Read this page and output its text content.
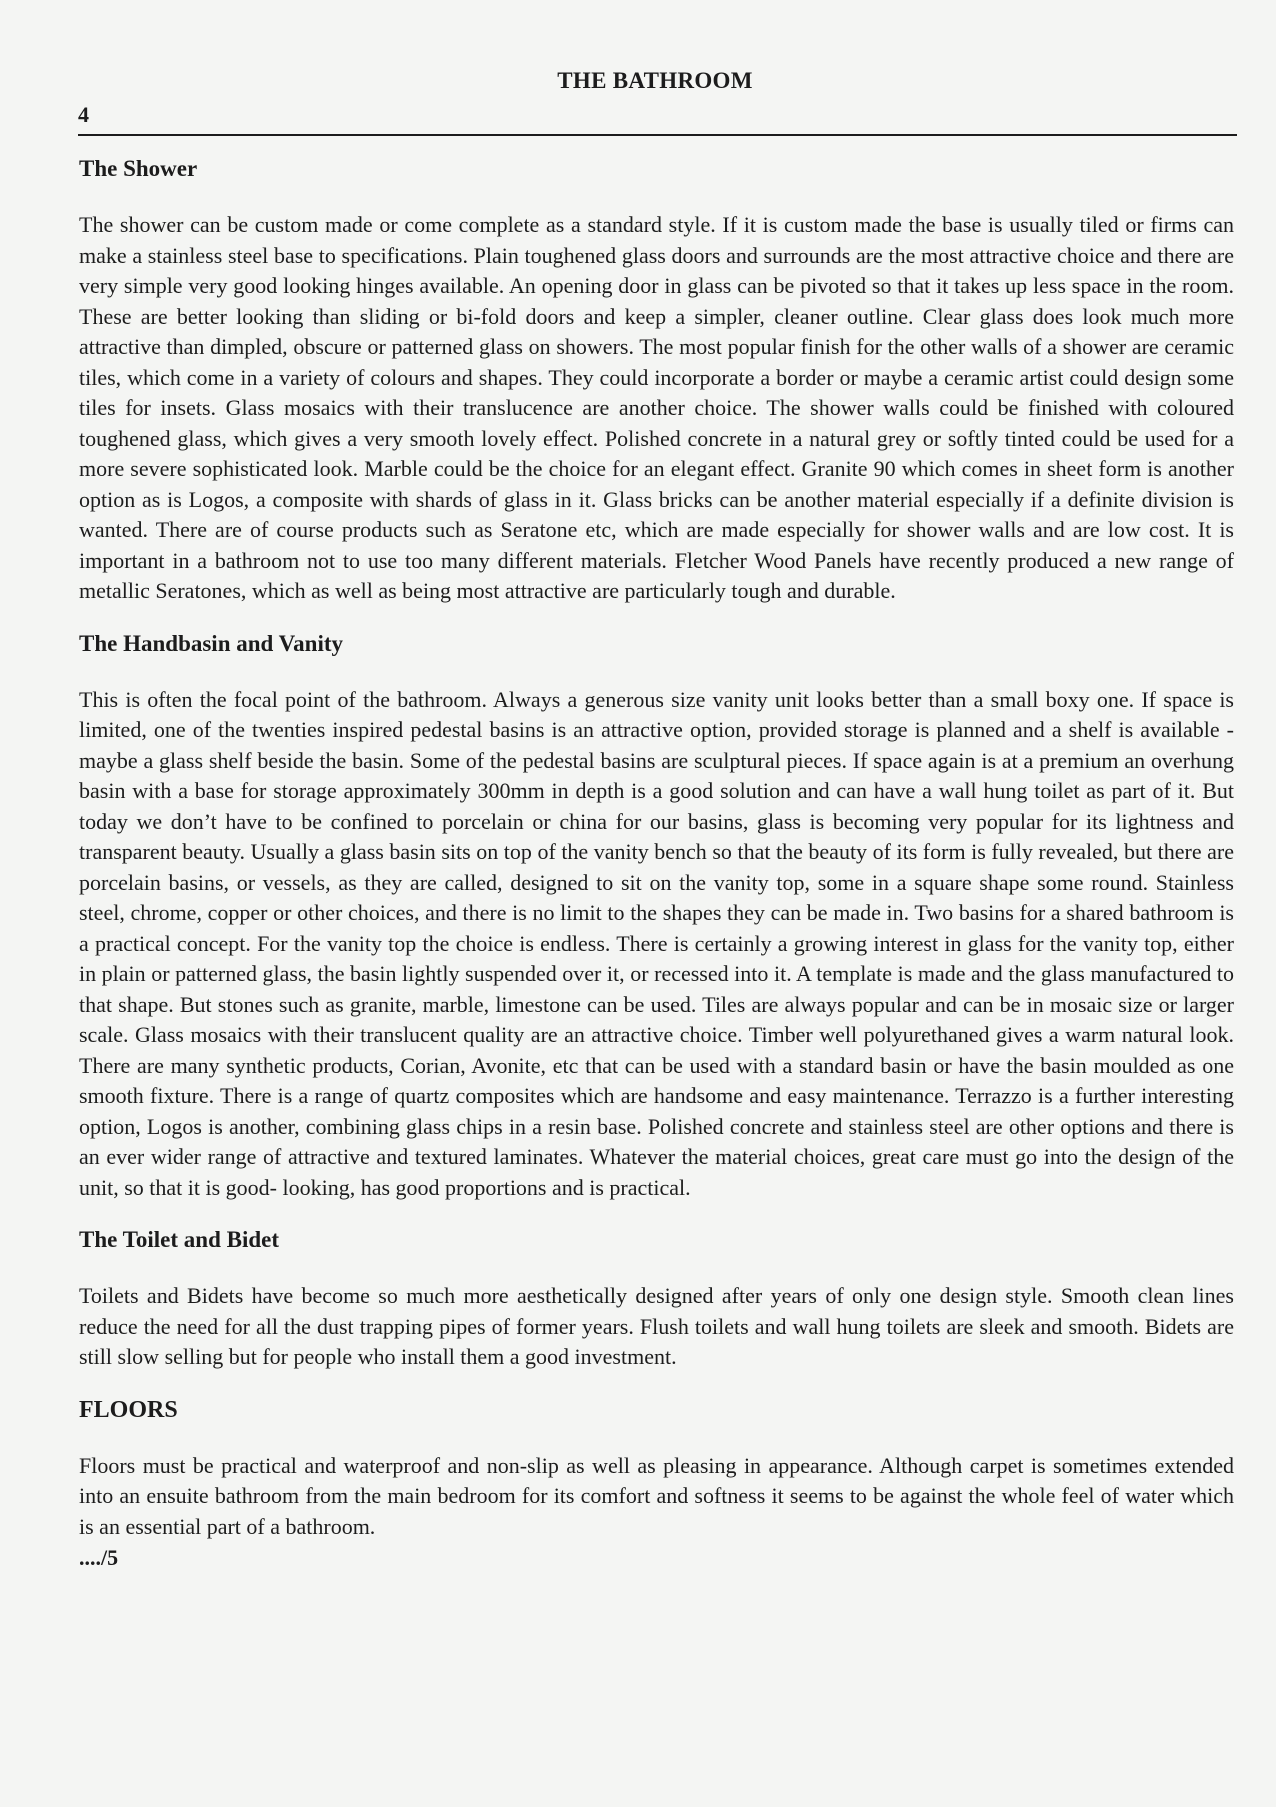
THE BATHROOM
4
The Shower

The shower can be custom made or come complete as a standard style. If it is custom made the base is usually tiled or firms can make a stainless steel base to specifications. Plain toughened glass doors and surrounds are the most attractive choice and there are very simple very good looking hinges available. An opening door in glass can be pivoted so that it takes up less space in the room. These are better looking than sliding or bi-fold doors and keep a simpler, cleaner outline. Clear glass does look much more attractive than dimpled, obscure or patterned glass on showers. The most popular finish for the other walls of a shower are ceramic tiles, which come in a variety of colours and shapes. They could incorporate a border or maybe a ceramic artist could design some tiles for insets. Glass mosaics with their translucence are another choice. The shower walls could be finished with coloured toughened glass, which gives a very smooth lovely effect. Polished concrete in a natural grey or softly tinted could be used for a more severe sophisticated look. Marble could be the choice for an elegant effect. Granite 90 which comes in sheet form is another option as is Logos, a composite with shards of glass in it. Glass bricks can be another material especially if a definite division is wanted. There are of course products such as Seratone etc, which are made especially for shower walls and are low cost. It is important in a bathroom not to use too many different materials. Fletcher Wood Panels have recently produced a new range of metallic Seratones, which as well as being most attractive are particularly tough and durable.

The Handbasin and Vanity

This is often the focal point of the bathroom. Always a generous size vanity unit looks better than a small boxy one. If space is limited, one of the twenties inspired pedestal basins is an attractive option, provided storage is planned and a shelf is available - maybe a glass shelf beside the basin. Some of the pedestal basins are sculptural pieces. If space again is at a premium an overhung basin with a base for storage approximately 300mm in depth is a good solution and can have a wall hung toilet as part of it. But today we don’t have to be confined to porcelain or china for our basins, glass is becoming very popular for its lightness and transparent beauty. Usually a glass basin sits on top of the vanity bench so that the beauty of its form is fully revealed, but there are porcelain basins, or vessels, as they are called, designed to sit on the vanity top, some in a square shape some round. Stainless steel, chrome, copper or other choices, and there is no limit to the shapes they can be made in. Two basins for a shared bathroom is a practical concept. For the vanity top the choice is endless. There is certainly a growing interest in glass for the vanity top, either in plain or patterned glass, the basin lightly suspended over it, or recessed into it. A template is made and the glass manufactured to that shape. But stones such as granite, marble, limestone can be used. Tiles are always popular and can be in mosaic size or larger scale. Glass mosaics with their translucent quality are an attractive choice. Timber well polyurethaned gives a warm natural look. There are many synthetic products, Corian, Avonite, etc that can be used with a standard basin or have the basin moulded as one smooth fixture. There is a range of quartz composites which are handsome and easy maintenance. Terrazzo is a further interesting option, Logos is another, combining glass chips in a resin base. Polished concrete and stainless steel are other options and there is an ever wider range of attractive and textured laminates. Whatever the material choices, great care must go into the design of the unit, so that it is good- looking, has good proportions and is practical.

The Toilet and Bidet

Toilets and Bidets have become so much more aesthetically designed after years of only one design style. Smooth clean lines reduce the need for all the dust trapping pipes of former years. Flush toilets and wall hung toilets are sleek and smooth. Bidets are still slow selling but for people who install them a good investment.

FLOORS

Floors must be practical and waterproof and non-slip as well as pleasing in appearance. Although carpet is sometimes extended into an ensuite bathroom from the main bedroom for its comfort and softness it seems to be against the whole feel of water which is an essential part of a bathroom.

..../5
